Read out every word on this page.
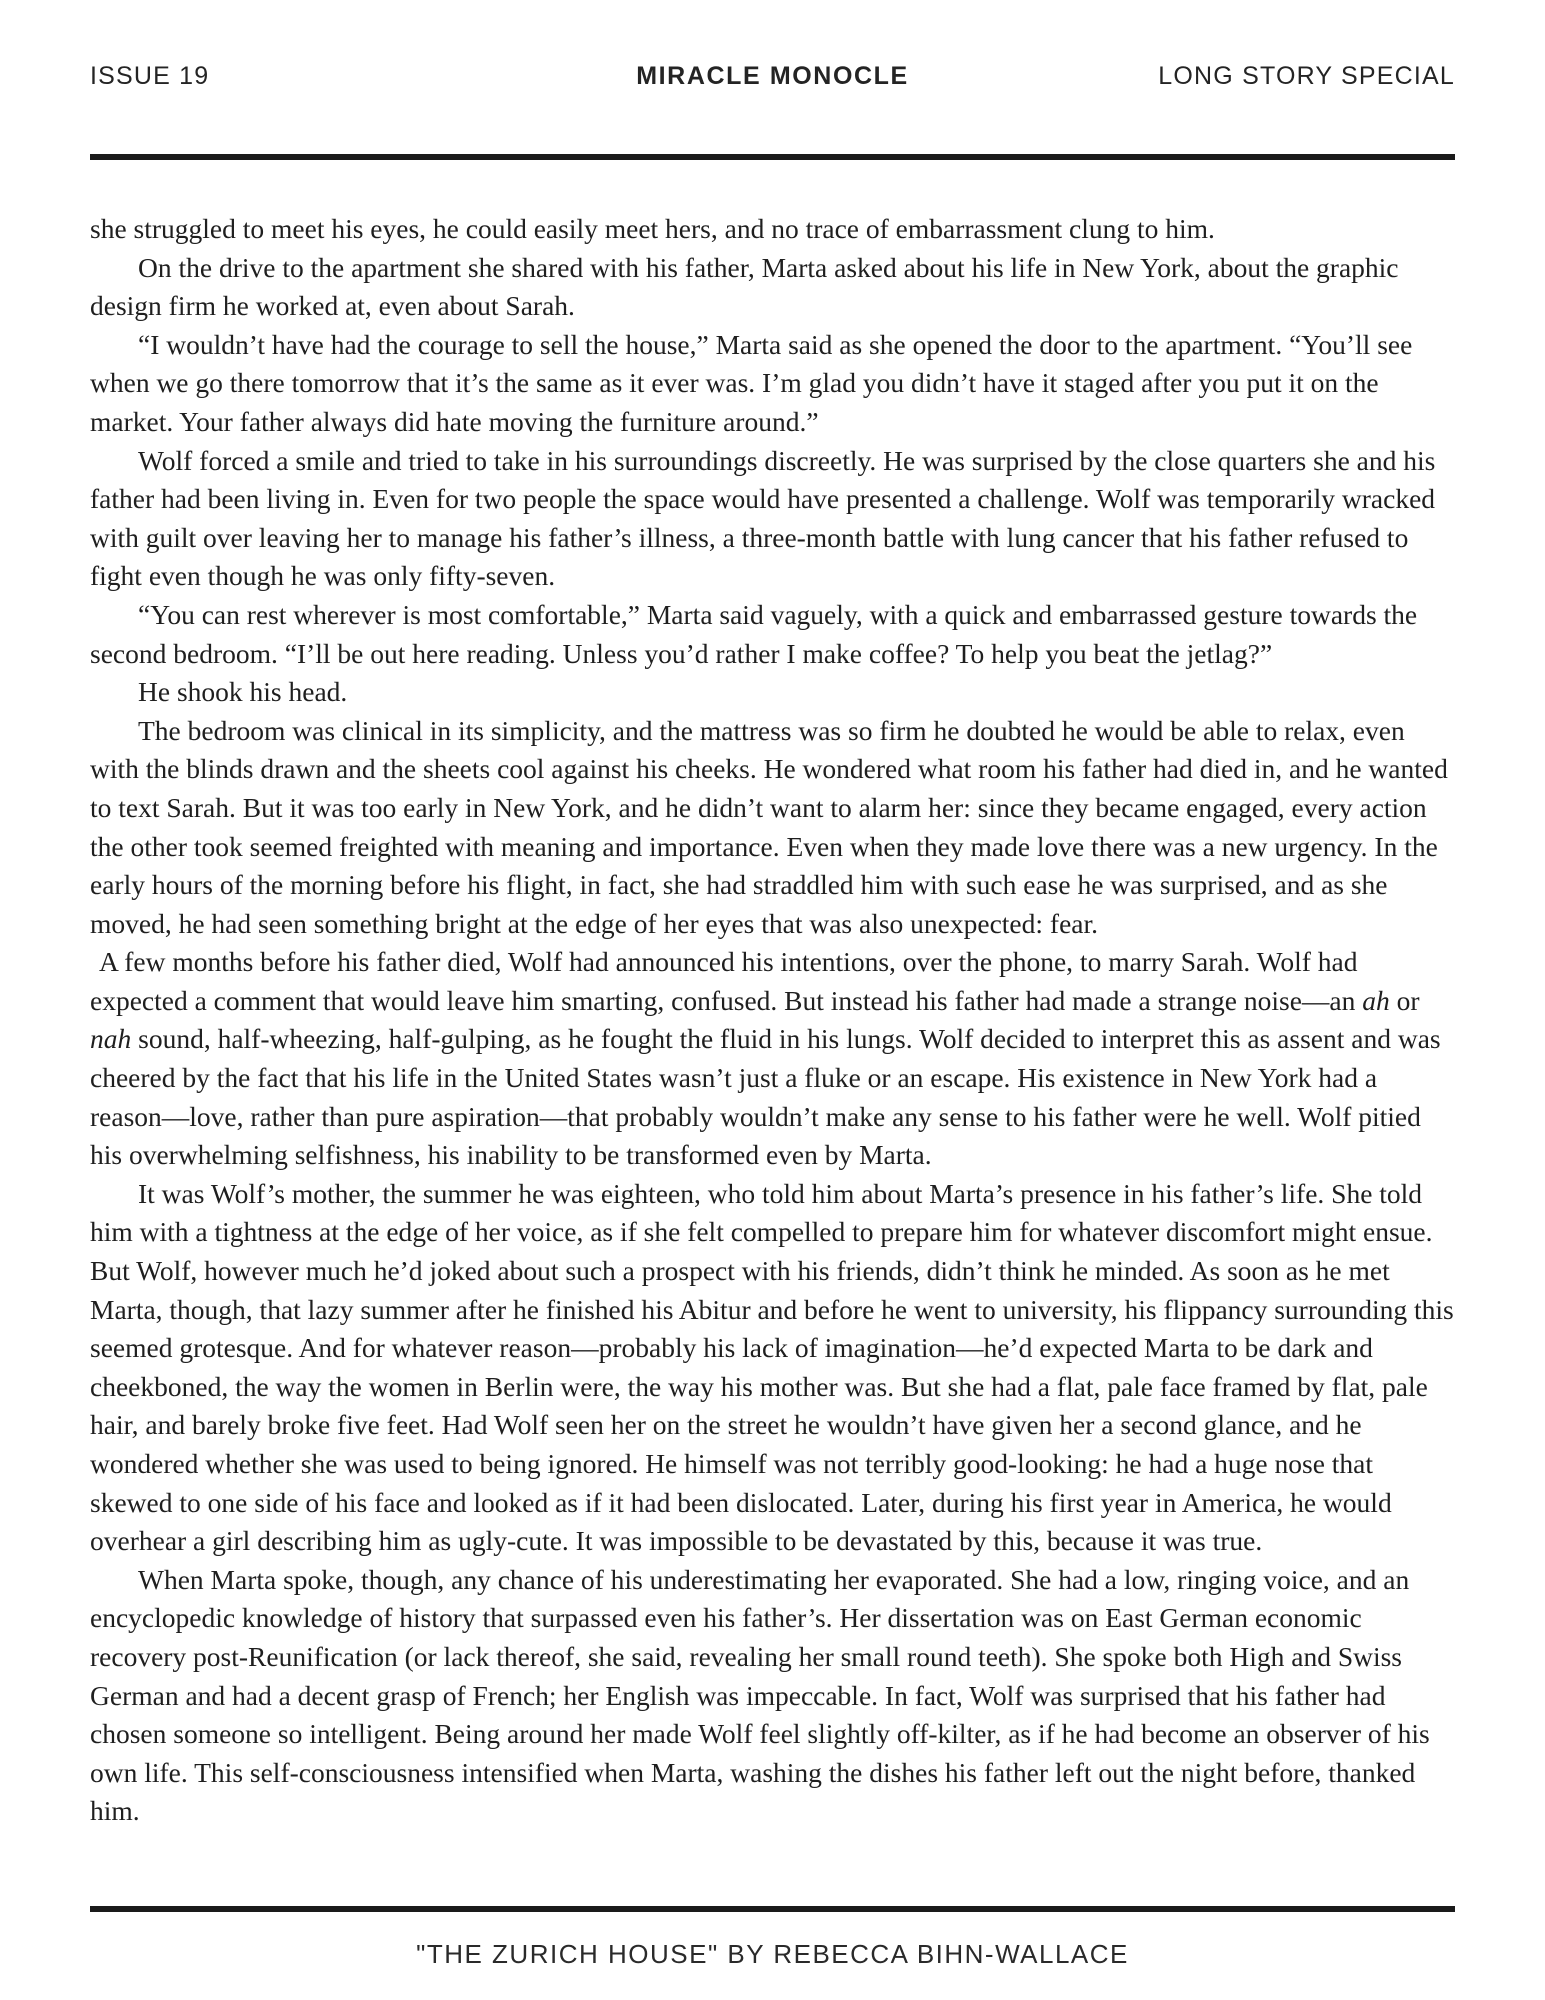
ISSUE 19	MIRACLE MONOCLE	LONG STORY SPECIAL

she struggled to meet his eyes, he could easily meet hers, and no trace of embarrassment clung to him.

On the drive to the apartment she shared with his father, Marta asked about his life in New York, about the graphic design firm he worked at, even about Sarah.

“I wouldn’t have had the courage to sell the house,” Marta said as she opened the door to the apartment. “You’ll see when we go there tomorrow that it’s the same as it ever was. I’m glad you didn’t have it staged after you put it on the market. Your father always did hate moving the furniture around.”

Wolf forced a smile and tried to take in his surroundings discreetly. He was surprised by the close quarters she and his father had been living in. Even for two people the space would have presented a challenge. Wolf was temporarily wracked with guilt over leaving her to manage his father’s illness, a three-month battle with lung cancer that his father refused to fight even though he was only fifty-seven.

“You can rest wherever is most comfortable,” Marta said vaguely, with a quick and embarrassed gesture towards the second bedroom. “I’ll be out here reading. Unless you’d rather I make coffee? To help you beat the jetlag?”

He shook his head.

The bedroom was clinical in its simplicity, and the mattress was so firm he doubted he would be able to relax, even with the blinds drawn and the sheets cool against his cheeks. He wondered what room his father had died in, and he wanted to text Sarah. But it was too early in New York, and he didn’t want to alarm her: since they became engaged, every action the other took seemed freighted with meaning and importance. Even when they made love there was a new urgency. In the early hours of the morning before his flight, in fact, she had straddled him with such ease he was surprised, and as she moved, he had seen something bright at the edge of her eyes that was also unexpected: fear.

A few months before his father died, Wolf had announced his intentions, over the phone, to marry Sarah. Wolf had expected a comment that would leave him smarting, confused. But instead his father had made a strange noise—an ah or nah sound, half-wheezing, half-gulping, as he fought the fluid in his lungs. Wolf decided to interpret this as assent and was cheered by the fact that his life in the United States wasn’t just a fluke or an escape. His existence in New York had a reason—love, rather than pure aspiration—that probably wouldn’t make any sense to his father were he well. Wolf pitied his overwhelming selfishness, his inability to be transformed even by Marta.

It was Wolf’s mother, the summer he was eighteen, who told him about Marta’s presence in his father’s life. She told him with a tightness at the edge of her voice, as if she felt compelled to prepare him for whatever discomfort might ensue. But Wolf, however much he’d joked about such a prospect with his friends, didn’t think he minded. As soon as he met Marta, though, that lazy summer after he finished his Abitur and before he went to university, his flippancy surrounding this seemed grotesque. And for whatever reason—probably his lack of imagination—he’d expected Marta to be dark and cheekboned, the way the women in Berlin were, the way his mother was. But she had a flat, pale face framed by flat, pale hair, and barely broke five feet. Had Wolf seen her on the street he wouldn’t have given her a second glance, and he wondered whether she was used to being ignored. He himself was not terribly good-looking: he had a huge nose that skewed to one side of his face and looked as if it had been dislocated. Later, during his first year in America, he would overhear a girl describing him as ugly-cute. It was impossible to be devastated by this, because it was true.

When Marta spoke, though, any chance of his underestimating her evaporated. She had a low, ringing voice, and an encyclopedic knowledge of history that surpassed even his father’s. Her dissertation was on East German economic recovery post-Reunification (or lack thereof, she said, revealing her small round teeth). She spoke both High and Swiss German and had a decent grasp of French; her English was impeccable. In fact, Wolf was surprised that his father had chosen someone so intelligent. Being around her made Wolf feel slightly off-kilter, as if he had become an observer of his own life. This self-consciousness intensified when Marta, washing the dishes his father left out the night before, thanked him.

"THE ZURICH HOUSE" BY REBECCA BIHN-WALLACE
